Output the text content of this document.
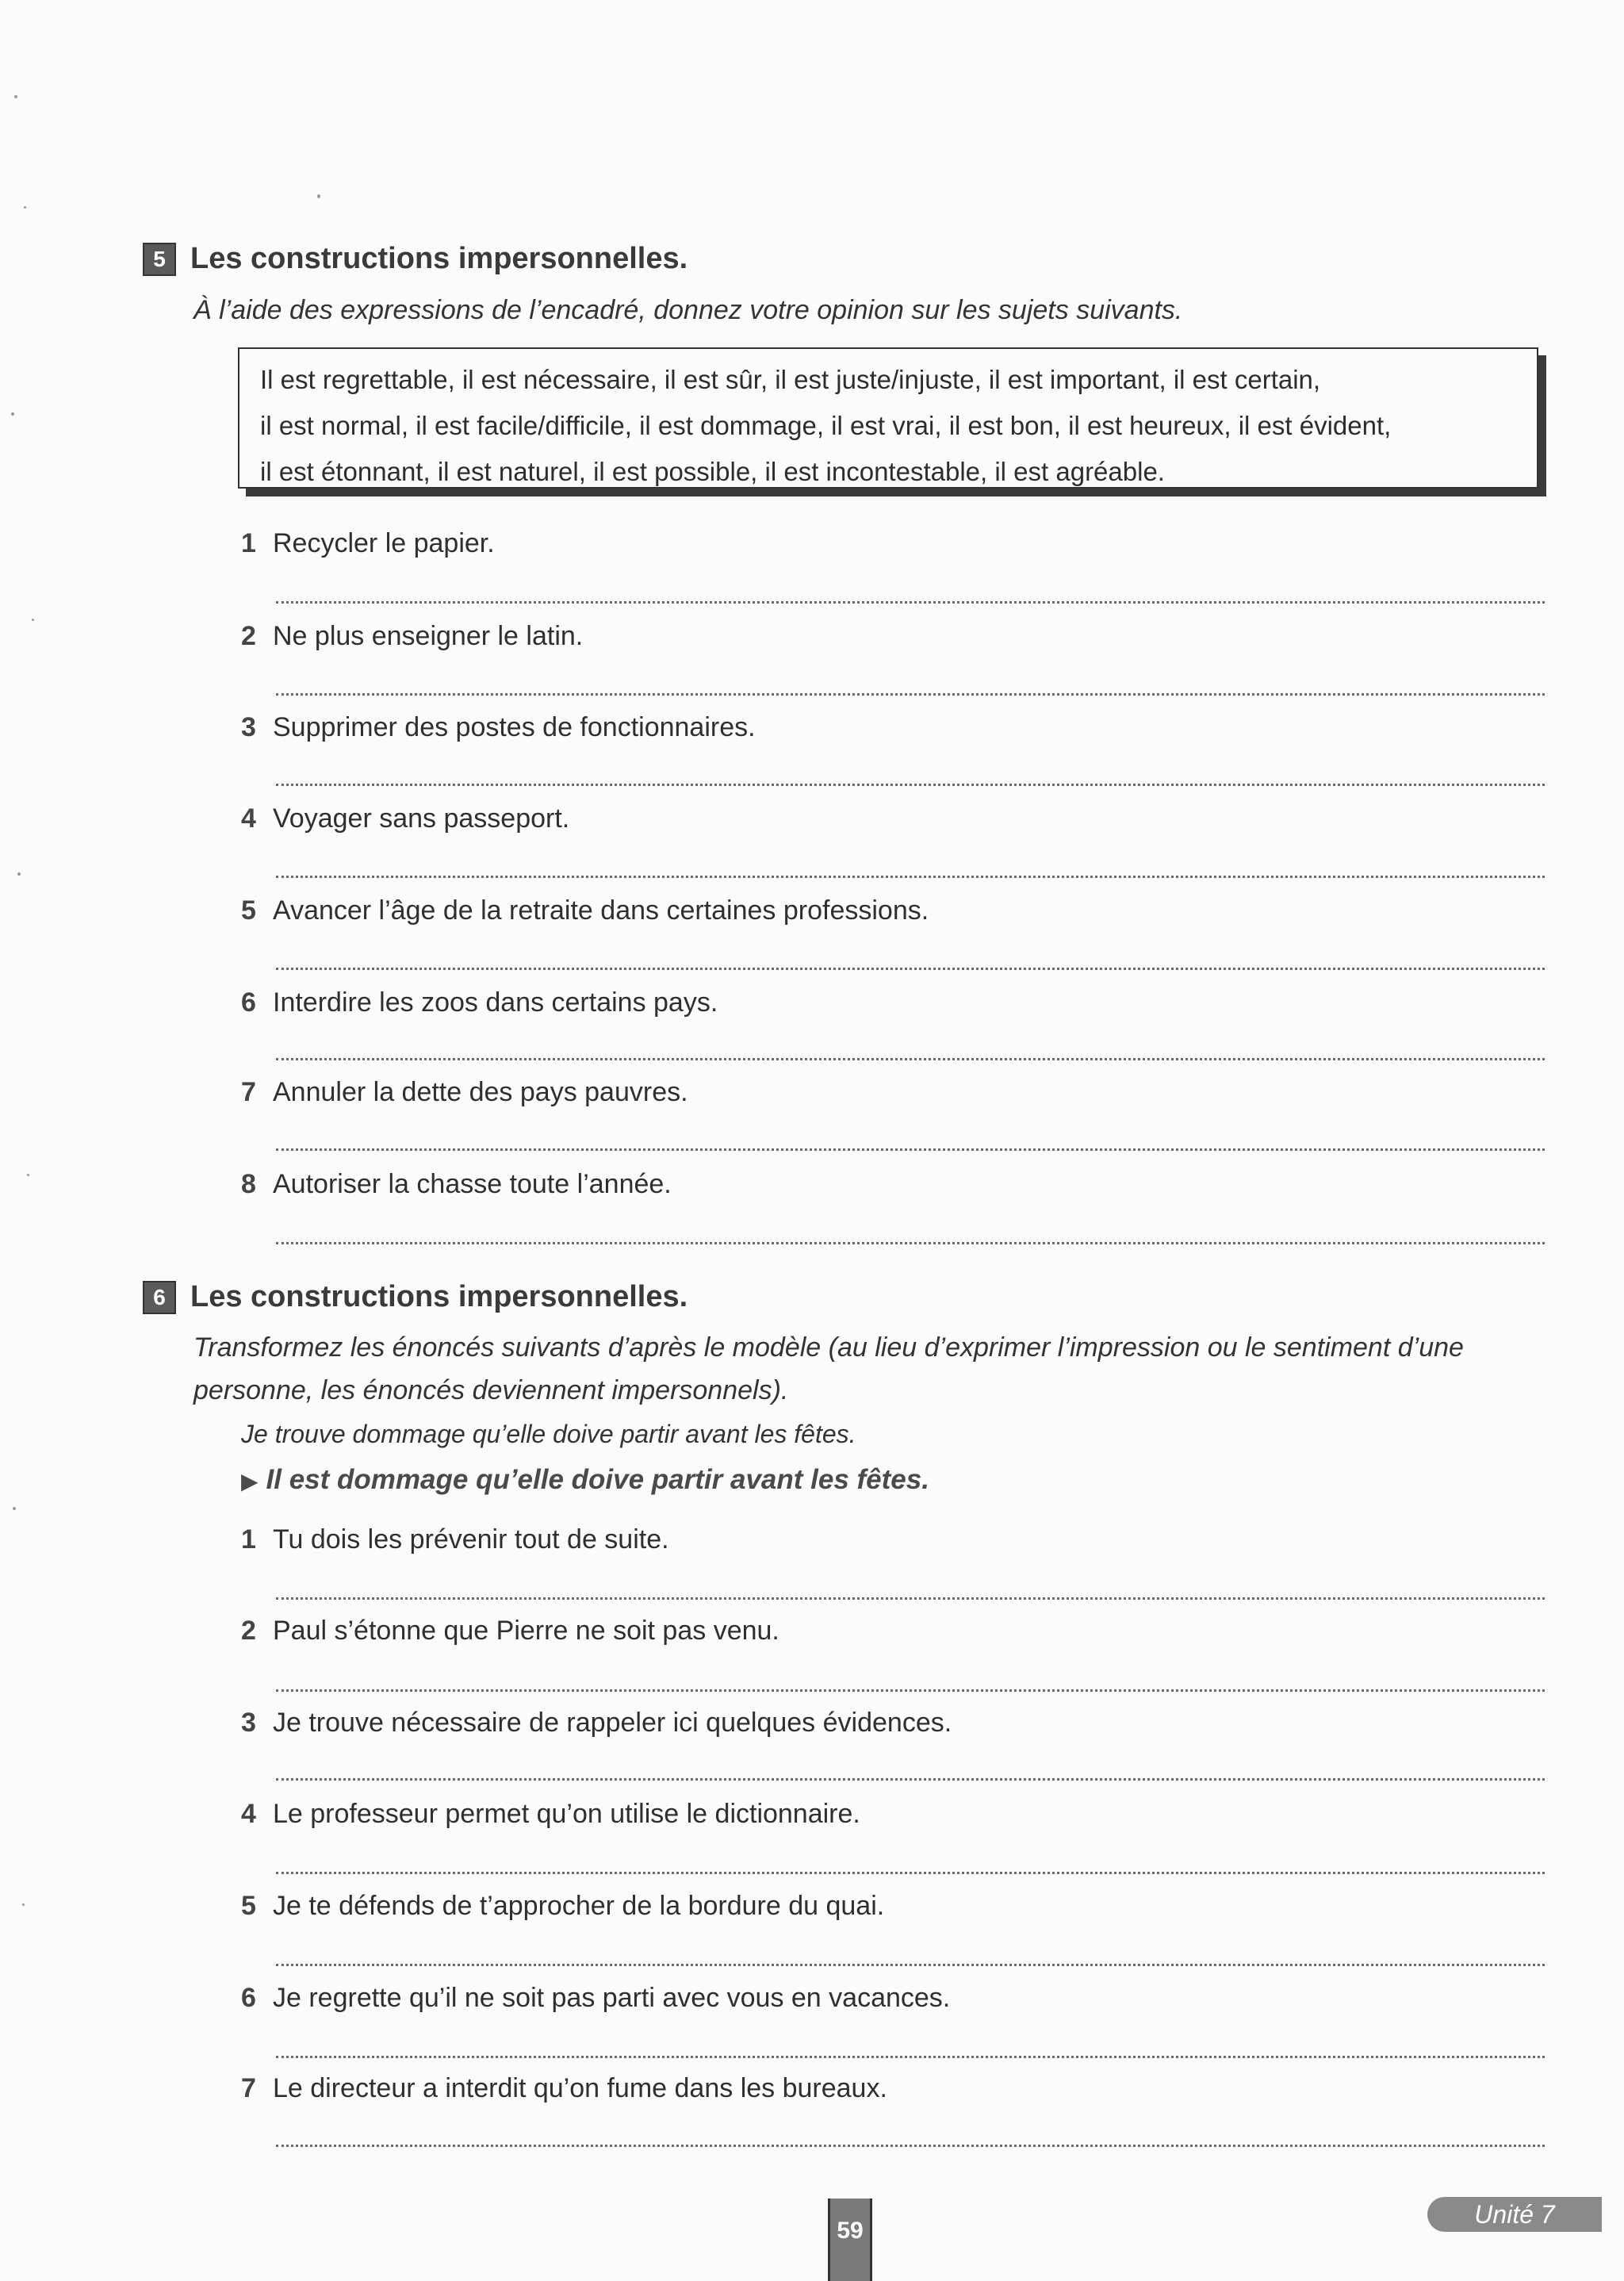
5 Les constructions impersonnelles.
À l’aide des expressions de l’encadré, donnez votre opinion sur les sujets suivants.
Il est regrettable, il est nécessaire, il est sûr, il est juste/injuste, il est important, il est certain,
il est normal, il est facile/difficile, il est dommage, il est vrai, il est bon, il est heureux, il est évident,
il est étonnant, il est naturel, il est possible, il est incontestable, il est agréable.
1 Recycler le papier.
2 Ne plus enseigner le latin.
3 Supprimer des postes de fonctionnaires.
4 Voyager sans passeport.
5 Avancer l’âge de la retraite dans certaines professions.
6 Interdire les zoos dans certains pays.
7 Annuler la dette des pays pauvres.
8 Autoriser la chasse toute l’année.
6 Les constructions impersonnelles.
Transformez les énoncés suivants d’après le modèle (au lieu d’exprimer l’impression ou le sentiment d’une
personne, les énoncés deviennent impersonnels).
Je trouve dommage qu’elle doive partir avant les fêtes.
▶ Il est dommage qu’elle doive partir avant les fêtes.
1 Tu dois les prévenir tout de suite.
2 Paul s’étonne que Pierre ne soit pas venu.
3 Je trouve nécessaire de rappeler ici quelques évidences.
4 Le professeur permet qu’on utilise le dictionnaire.
5 Je te défends de t’approcher de la bordure du quai.
6 Je regrette qu’il ne soit pas parti avec vous en vacances.
7 Le directeur a interdit qu’on fume dans les bureaux.
59
Unité 7
